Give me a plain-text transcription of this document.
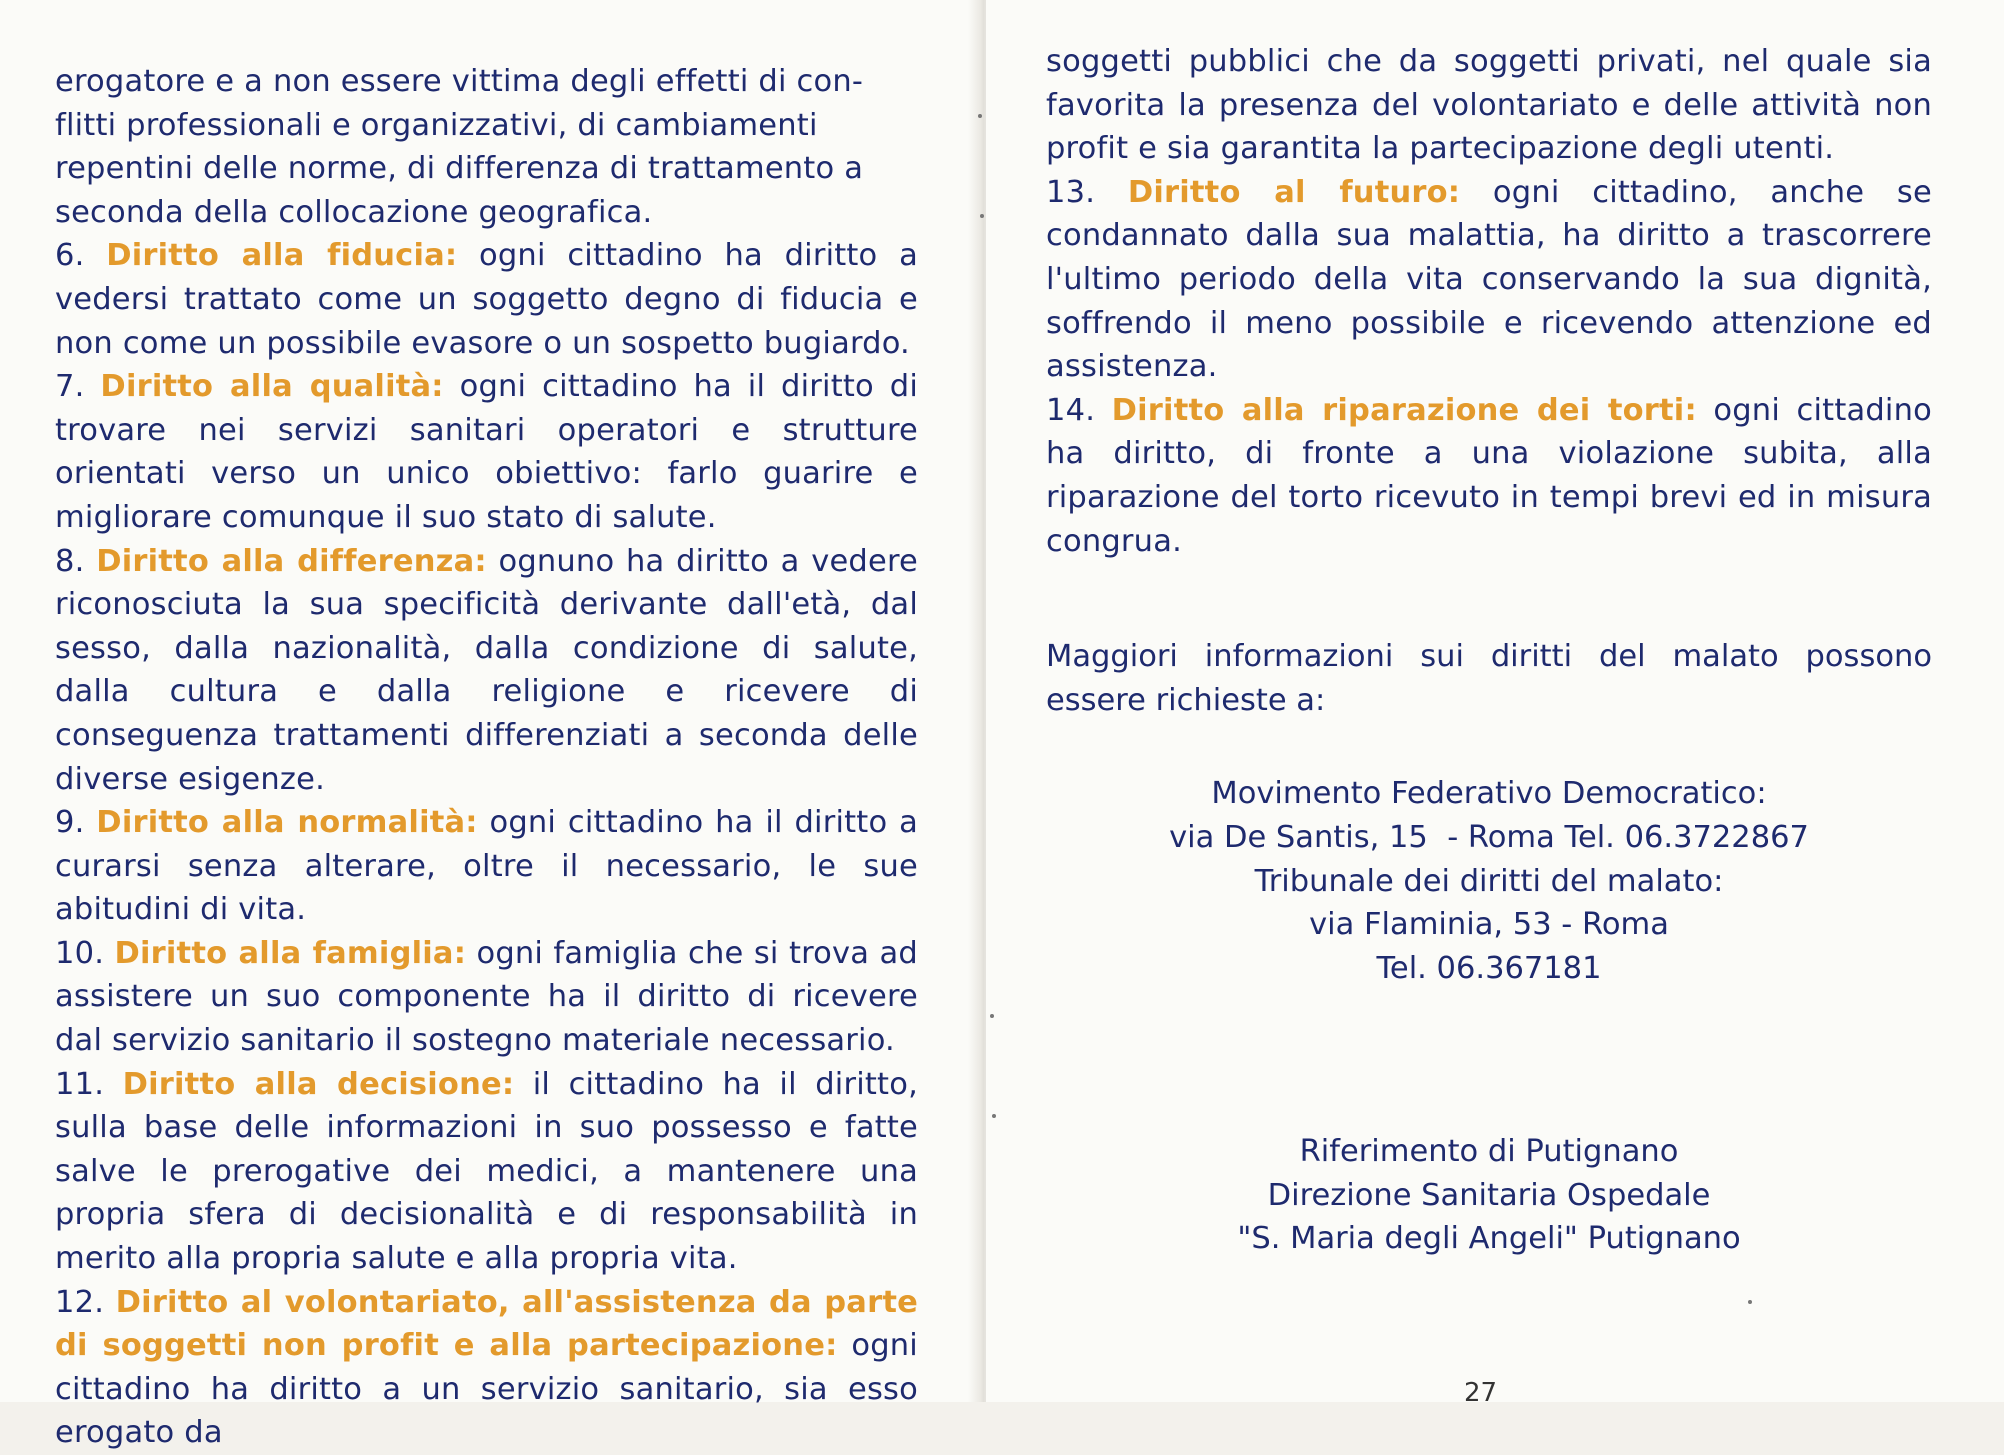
erogatore e a non essere vittima degli effetti di con-
flitti professionali e organizzativi, di cambiamenti
repentini delle norme, di differenza di trattamento a
seconda della collocazione geografica.

6. Diritto alla fiducia: ogni cittadino ha diritto a vedersi trattato come un soggetto degno di fiducia e non come un possibile evasore o un sospetto bugiardo.

7. Diritto alla qualità: ogni cittadino ha il diritto di trovare nei servizi sanitari operatori e strutture orientati verso un unico obiettivo: farlo guarire e migliorare comunque il suo stato di salute.

8. Diritto alla differenza: ognuno ha diritto a vedere riconosciuta la sua specificità derivante dall'età, dal sesso, dalla nazionalità, dalla condizione di salute, dalla cultura e dalla religione e ricevere di conseguenza trattamenti differenziati a seconda delle diverse esigenze.

9. Diritto alla normalità: ogni cittadino ha il diritto a curarsi senza alterare, oltre il necessario, le sue abitudini di vita.

10. Diritto alla famiglia: ogni famiglia che si trova ad assistere un suo componente ha il diritto di ricevere dal servizio sanitario il sostegno materiale necessario.

11. Diritto alla decisione: il cittadino ha il diritto, sulla base delle informazioni in suo possesso e fatte salve le prerogative dei medici, a mantenere una propria sfera di decisionalità e di responsabilità in merito alla propria salute e alla propria vita.

12. Diritto al volontariato, all'assistenza da parte di soggetti non profit e alla partecipazione: ogni cittadino ha diritto a un servizio sanitario, sia esso erogato da

soggetti pubblici che da soggetti privati, nel quale sia favorita la presenza del volontariato e delle attività non profit e sia garantita la partecipazione degli utenti.

13. Diritto al futuro: ogni cittadino, anche se condannato dalla sua malattia, ha diritto a trascorrere l'ultimo periodo della vita conservando la sua dignità, soffrendo il meno possibile e ricevendo attenzione ed assistenza.

14. Diritto alla riparazione dei torti: ogni cittadino ha diritto, di fronte a una violazione subita, alla riparazione del torto ricevuto in tempi brevi ed in misura congrua.

Maggiori informazioni sui diritti del malato possono essere richieste a:

Movimento Federativo Democratico:
via De Santis, 15  - Roma Tel. 06.3722867
Tribunale dei diritti del malato:
via Flaminia, 53 - Roma
Tel. 06.367181
Riferimento di Putignano
Direzione Sanitaria Ospedale
"S. Maria degli Angeli" Putignano
27
